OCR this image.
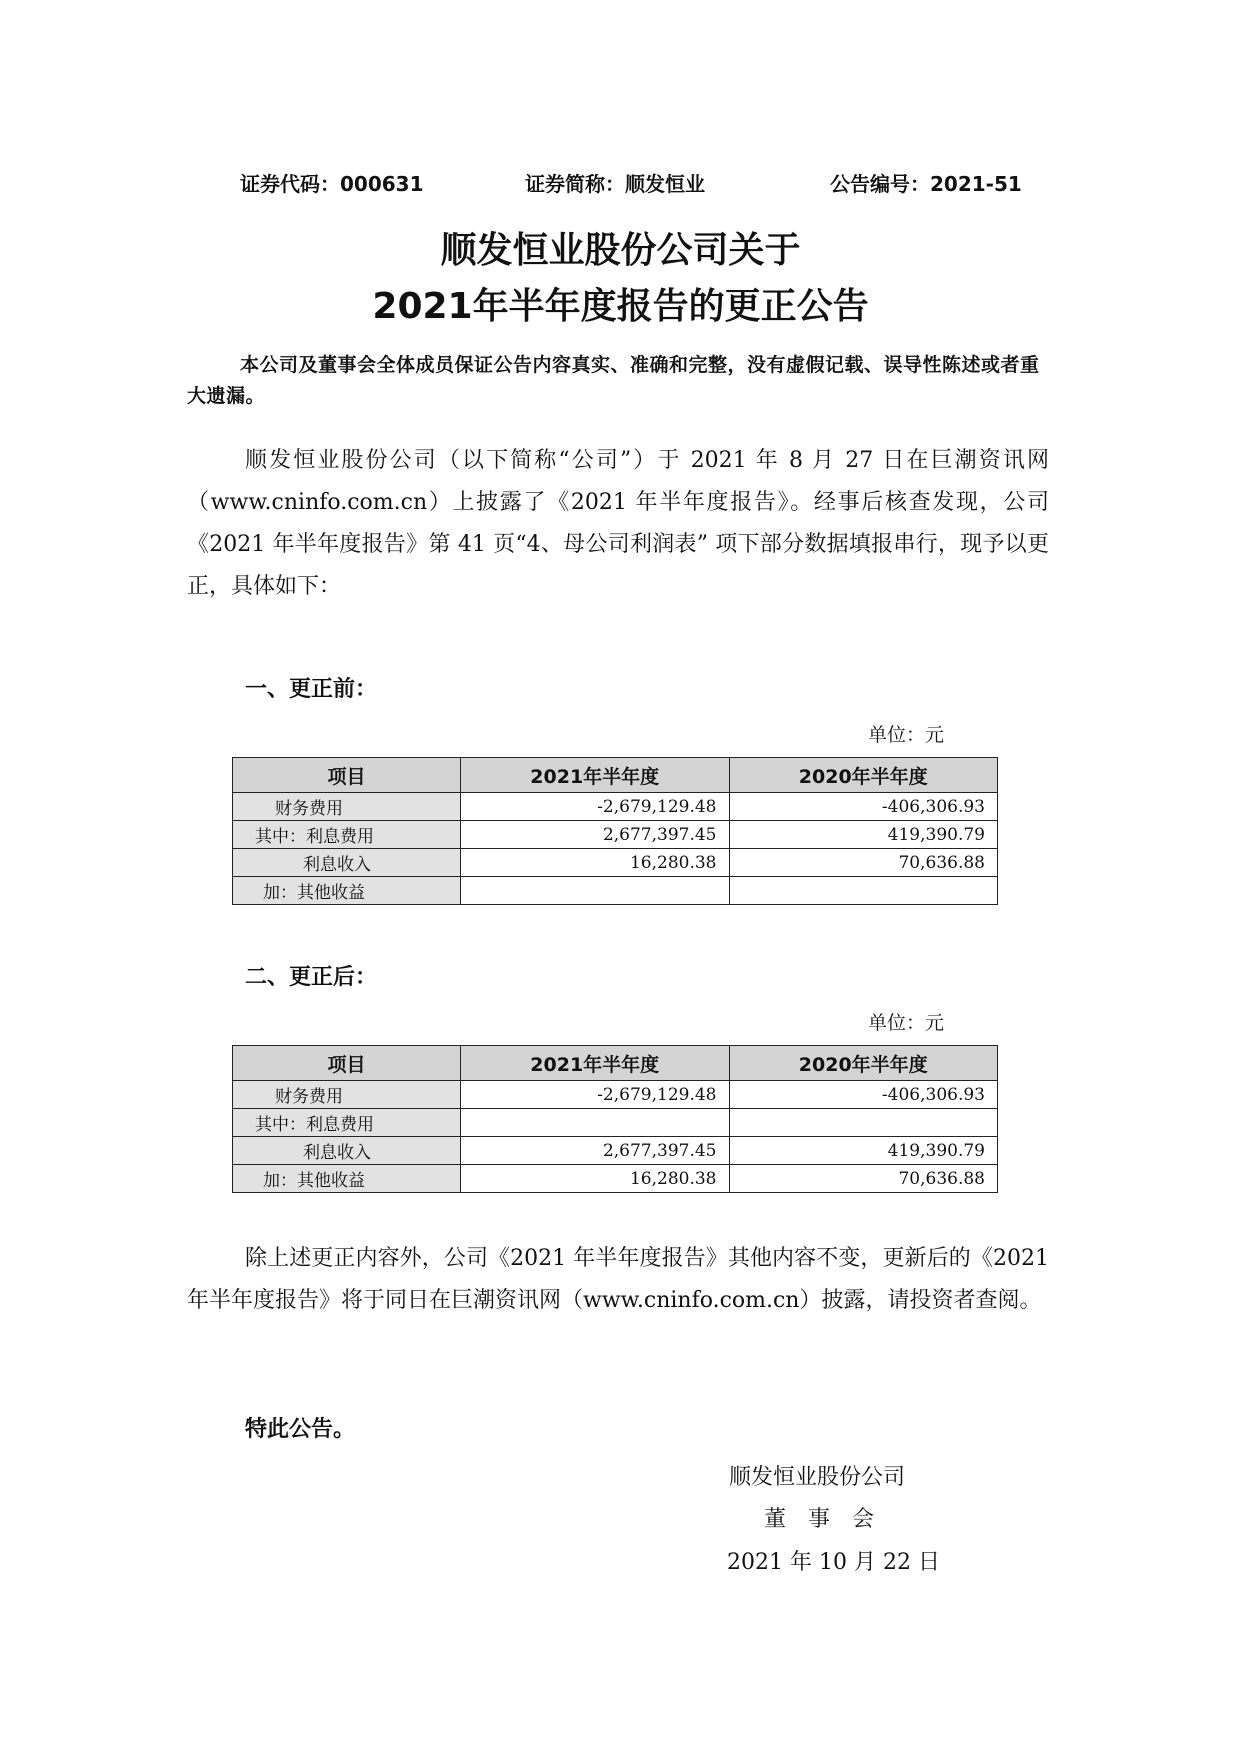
证券代码：000631	证券简称：顺发恒业	公告编号：2021-51
顺发恒业股份公司关于
2021年半年度报告的更正公告
本公司及董事会全体成员保证公告内容真实、准确和完整，没有虚假记载、误导性陈述或者重大遗漏。
顺发恒业股份公司（以下简称“公司”）于 2021 年 8 月 27 日在巨潮资讯网（www.cninfo.com.cn）上披露了《2021 年半年度报告》。经事后核查发现，公司《2021 年半年度报告》第 41 页“4、母公司利润表” 项下部分数据填报串行，现予以更正，具体如下：
一、更正前：
单位：元
项目	2021年半年度	2020年半年度
财务费用	-2,679,129.48	-406,306.93
其中：利息费用	2,677,397.45	419,390.79
利息收入	16,280.38	70,636.88
加：其他收益		
二、更正后：
单位：元
项目	2021年半年度	2020年半年度
财务费用	-2,679,129.48	-406,306.93
其中：利息费用		
利息收入	2,677,397.45	419,390.79
加：其他收益	16,280.38	70,636.88
除上述更正内容外，公司《2021 年半年度报告》其他内容不变，更新后的《2021 年半年度报告》将于同日在巨潮资讯网（www.cninfo.com.cn）披露，请投资者查阅。
特此公告。
顺发恒业股份公司
董　事　会
2021 年 10 月 22 日
